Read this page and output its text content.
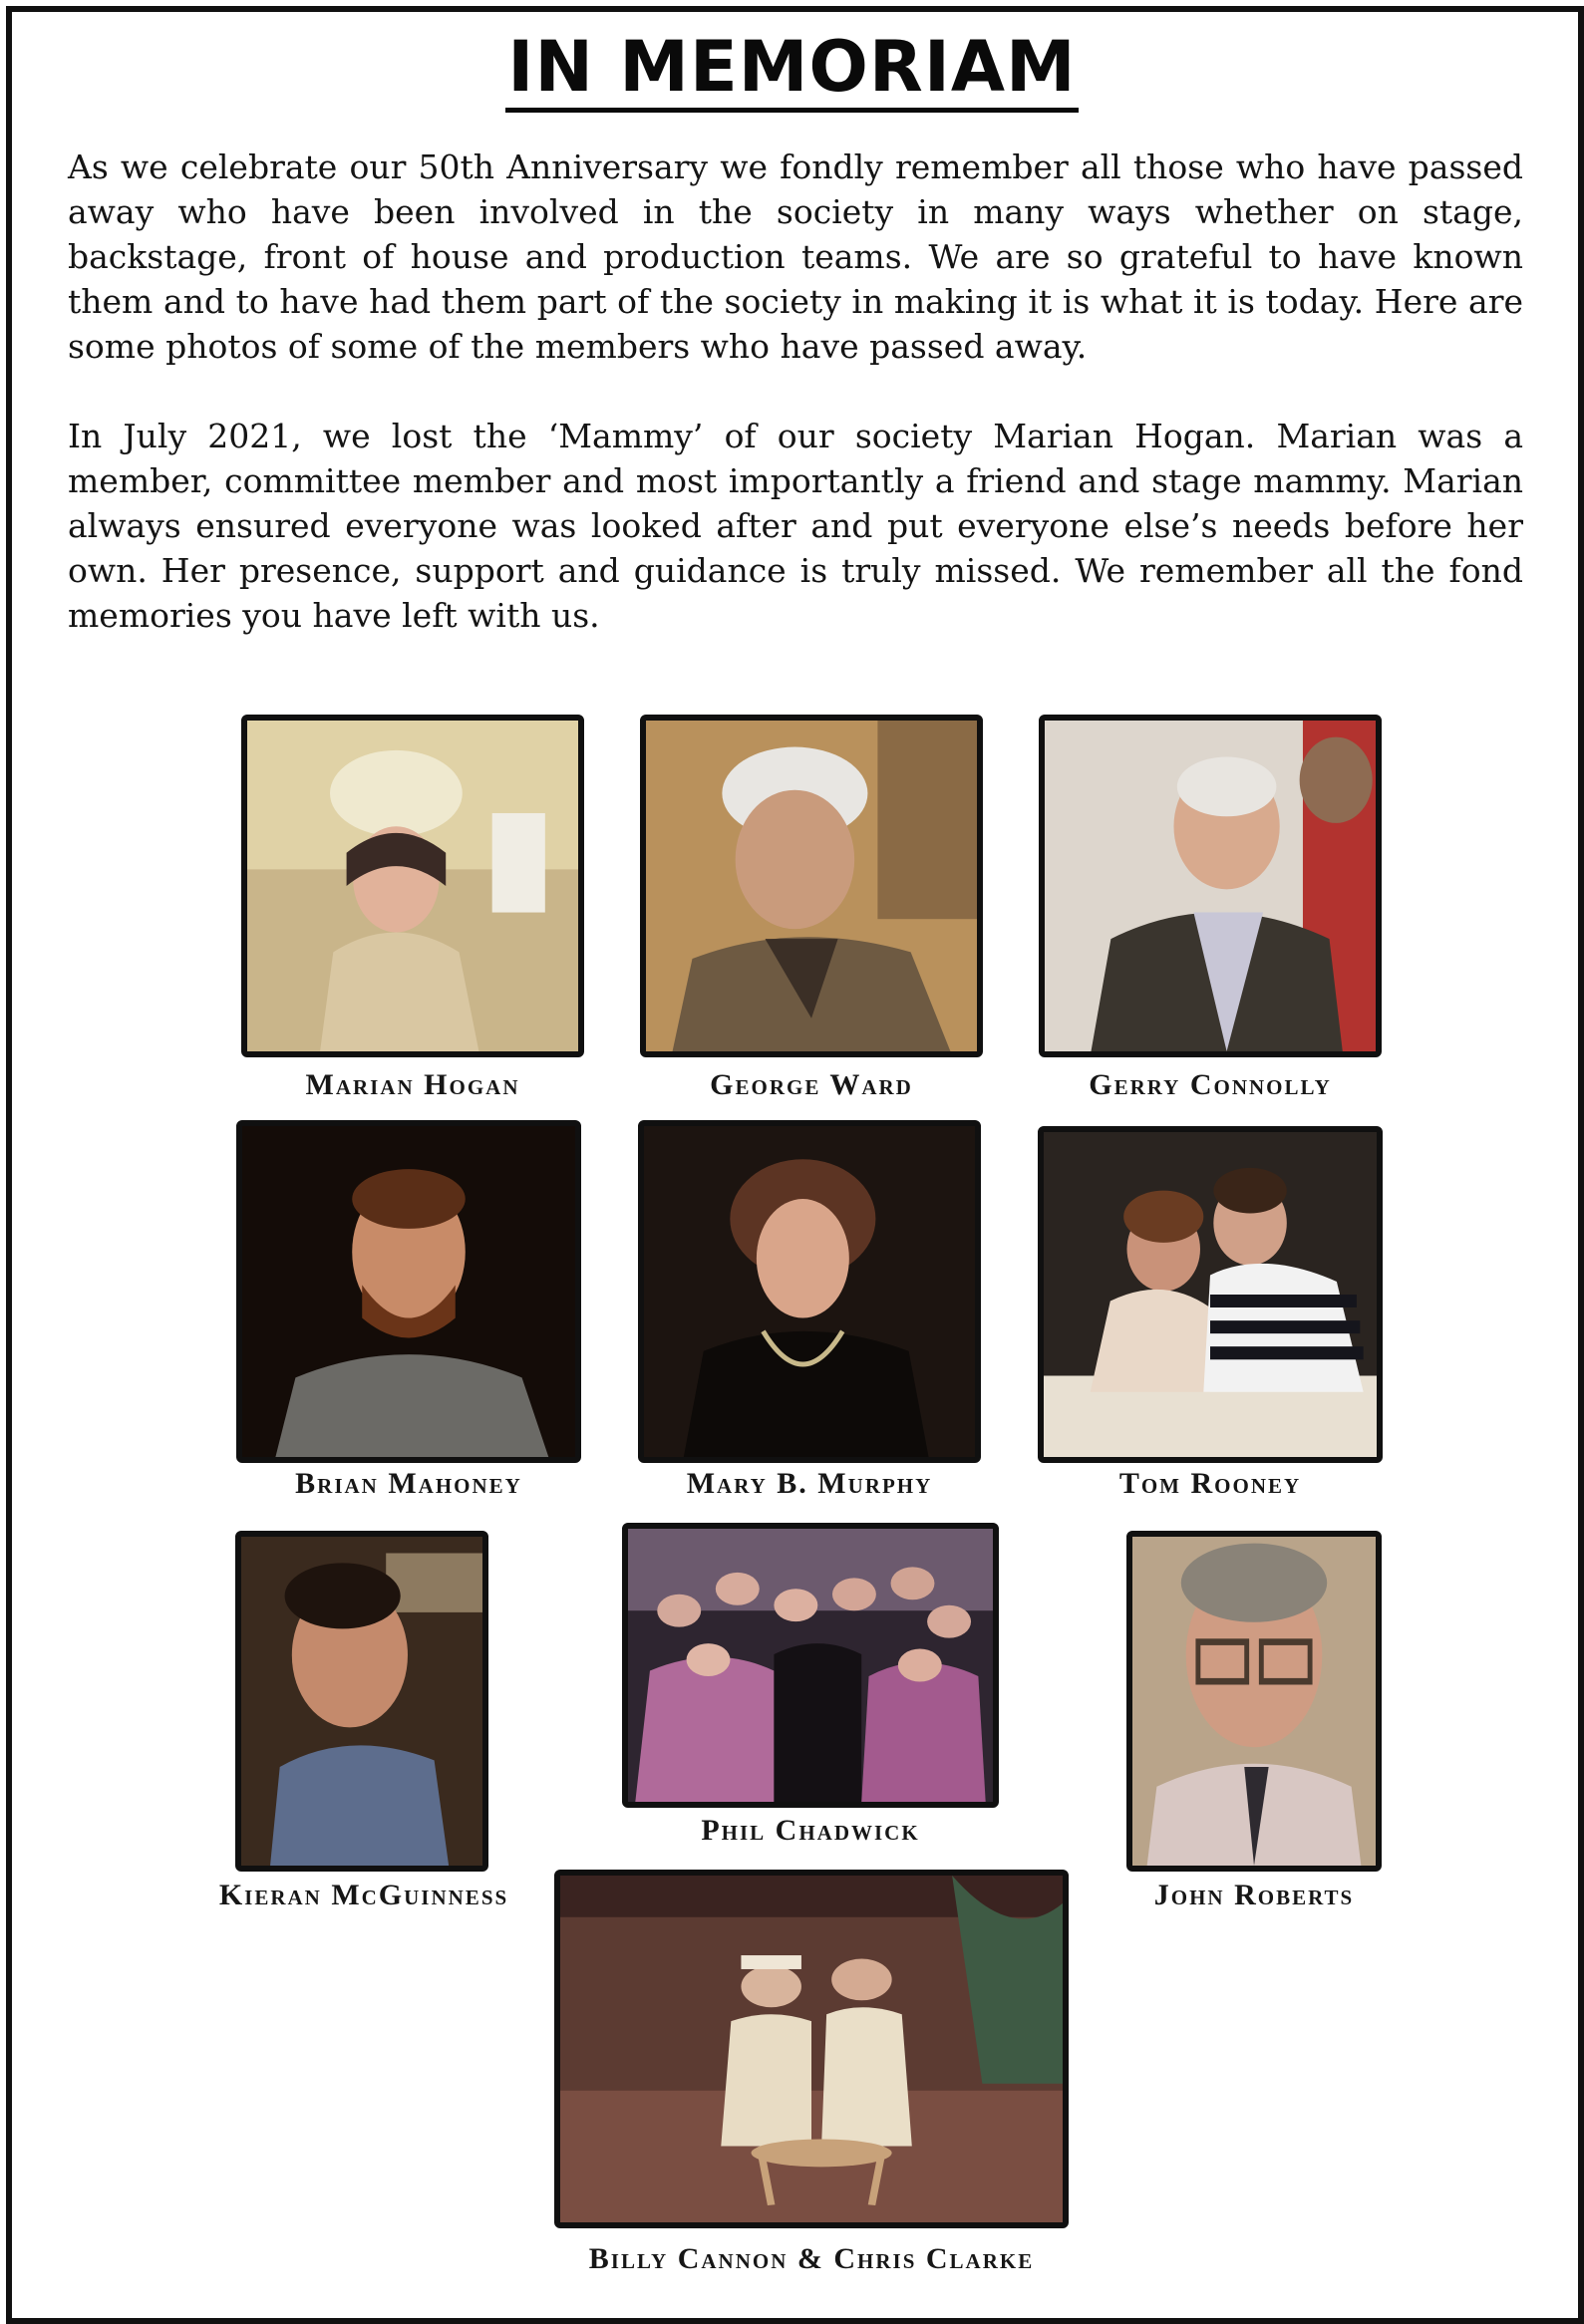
IN MEMORIAM

As we celebrate our 50th Anniversary we fondly remember all those who have passed away who have been involved in the society in many ways whether on stage, backstage, front of house and production teams. We are so grateful to have known them and to have had them part of the society in making it is what it is today. Here are some photos of some of the members who have passed away.

In July 2021, we lost the ‘Mammy’ of our society Marian Hogan. Marian was a member, committee member and most importantly a friend and stage mammy. Marian always ensured everyone was looked after and put everyone else’s needs before her own. Her presence, support and guidance is truly missed. We remember all the fond memories you have left with us.

Marian Hogan	George Ward	Gerry Connolly
Brian Mahoney	Mary B. Murphy	Tom Rooney
Kieran McGuinness
Phil Chadwick
John Roberts
Billy Cannon & Chris Clarke
